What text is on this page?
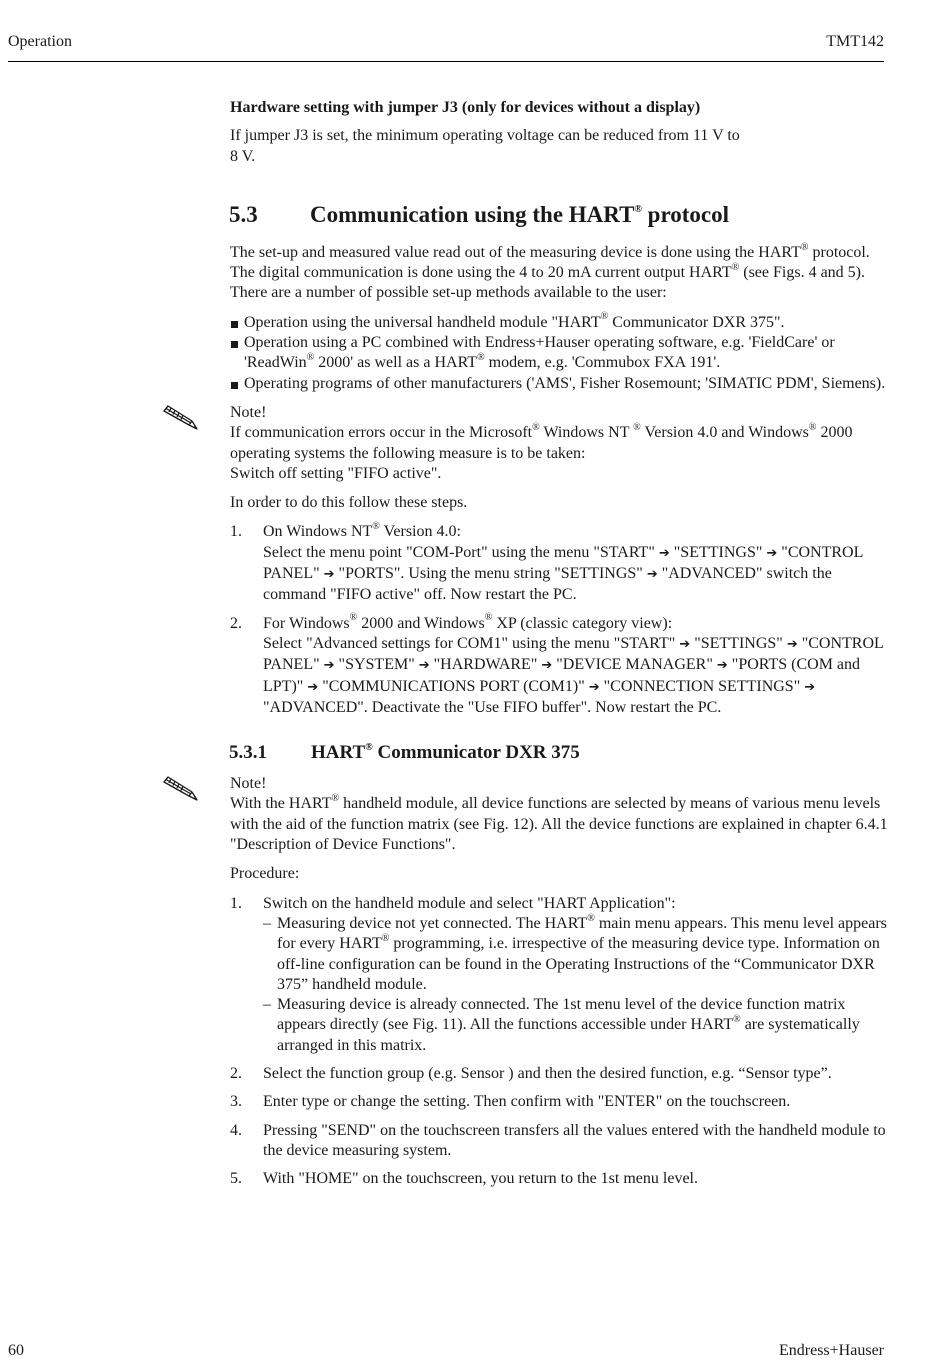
Operation	TMT142
Hardware setting with jumper J3 (only for devices without a display)

If jumper J3 is set, the minimum operating voltage can be reduced from 11 V to
8 V.

5.3 Communication using the HART® protocol

The set-up and measured value read out of the measuring device is done using the HART® protocol. The digital communication is done using the 4 to 20 mA current output HART® (see Figs. 4 and 5). There are a number of possible set-up methods available to the user:

Operation using the universal handheld module "HART® Communicator DXR 375".
Operation using a PC combined with Endress+Hauser operating software, e.g. 'FieldCare' or 'ReadWin® 2000' as well as a HART® modem, e.g. 'Commubox FXA 191'.
Operating programs of other manufacturers ('AMS', Fisher Rosemount; 'SIMATIC PDM', Siemens).

Note!
If communication errors occur in the Microsoft® Windows NT ® Version 4.0 and Windows® 2000 operating systems the following measure is to be taken:
Switch off setting "FIFO active".

In order to do this follow these steps.

1. On Windows NT® Version 4.0:
Select the menu point "COM-Port" using the menu "START" ➔ "SETTINGS" ➔ "CONTROL PANEL" ➔ "PORTS". Using the menu string "SETTINGS" ➔ "ADVANCED" switch the command "FIFO active" off. Now restart the PC.
2. For Windows® 2000 and Windows® XP (classic category view):
Select "Advanced settings for COM1" using the menu "START" ➔ "SETTINGS" ➔ "CONTROL PANEL" ➔ "SYSTEM" ➔ "HARDWARE" ➔ "DEVICE MANAGER" ➔ "PORTS (COM and LPT)" ➔ "COMMUNICATIONS PORT (COM1)" ➔ "CONNECTION SETTINGS" ➔ "ADVANCED". Deactivate the "Use FIFO buffer". Now restart the PC.
5.3.1 HART® Communicator DXR 375

Note!
With the HART® handheld module, all device functions are selected by means of various menu levels with the aid of the function matrix (see Fig. 12). All the device functions are explained in chapter 6.4.1 "Description of Device Functions".

Procedure:

1. Switch on the handheld module and select "HART Application":
– Measuring device not yet connected. The HART® main menu appears. This menu level appears for every HART® programming, i.e. irrespective of the measuring device type. Information on off-line configuration can be found in the Operating Instructions of the “Communicator DXR 375” handheld module.
– Measuring device is already connected. The 1st menu level of the device function matrix appears directly (see Fig. 11). All the functions accessible under HART® are systematically arranged in this matrix.
2. Select the function group (e.g. Sensor ) and then the desired function, e.g. “Sensor type”.
3. Enter type or change the setting. Then confirm with "ENTER" on the touchscreen.
4. Pressing "SEND" on the touchscreen transfers all the values entered with the handheld module to the device measuring system.
5. With "HOME" on the touchscreen, you return to the 1st menu level.
60	Endress+Hauser
